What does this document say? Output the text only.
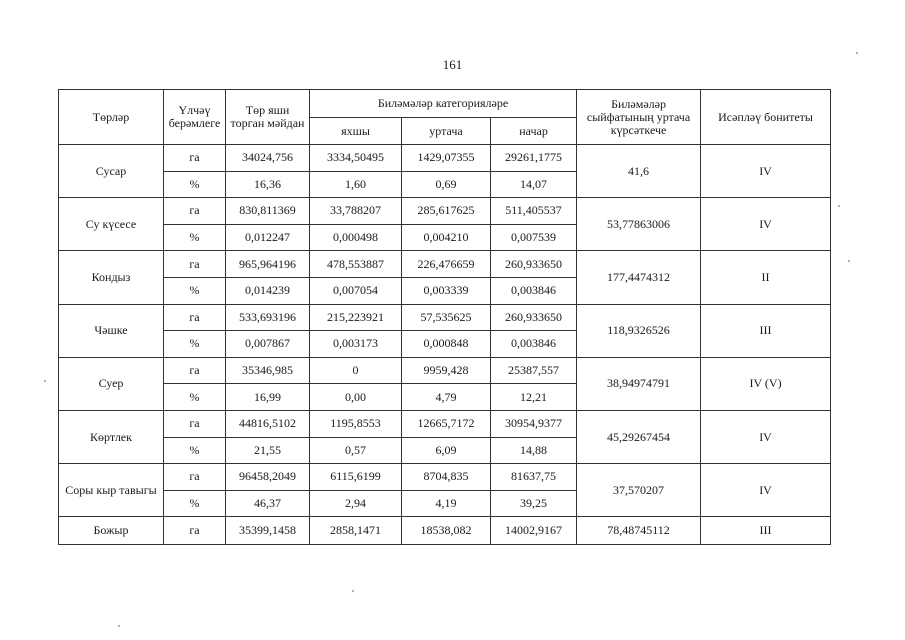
161
Төрләр	Үлчәү берәмлеге	Төр яши торган мәйдан	Биләмәләр категорияләре			Биләмәләр сыйфатының уртача күрсәткече	Исәпләү бонитеты
			яхшы	уртача	начар		
Сусар	га	34024,756	3334,50495	1429,07355	29261,1775	41,6	IV
	%	16,36	1,60	0,69	14,07		
Су күсесе	га	830,811369	33,788207	285,617625	511,405537	53,77863006	IV
	%	0,012247	0,000498	0,004210	0,007539		
Кондыз	га	965,964196	478,553887	226,476659	260,933650	177,4474312	II
	%	0,014239	0,007054	0,003339	0,003846		
Чәшке	га	533,693196	215,223921	57,535625	260,933650	118,9326526	III
	%	0,007867	0,003173	0,000848	0,003846		
Суер	га	35346,985	0	9959,428	25387,557	38,94974791	IV (V)
	%	16,99	0,00	4,79	12,21		
Көртлек	га	44816,5102	1195,8553	12665,7172	30954,9377	45,29267454	IV
	%	21,55	0,57	6,09	14,88		
Соры кыр тавыгы	га	96458,2049	6115,6199	8704,835	81637,75	37,570207	IV
	%	46,37	2,94	4,19	39,25		
Божыр	га	35399,1458	2858,1471	18538,082	14002,9167	78,48745112	III
